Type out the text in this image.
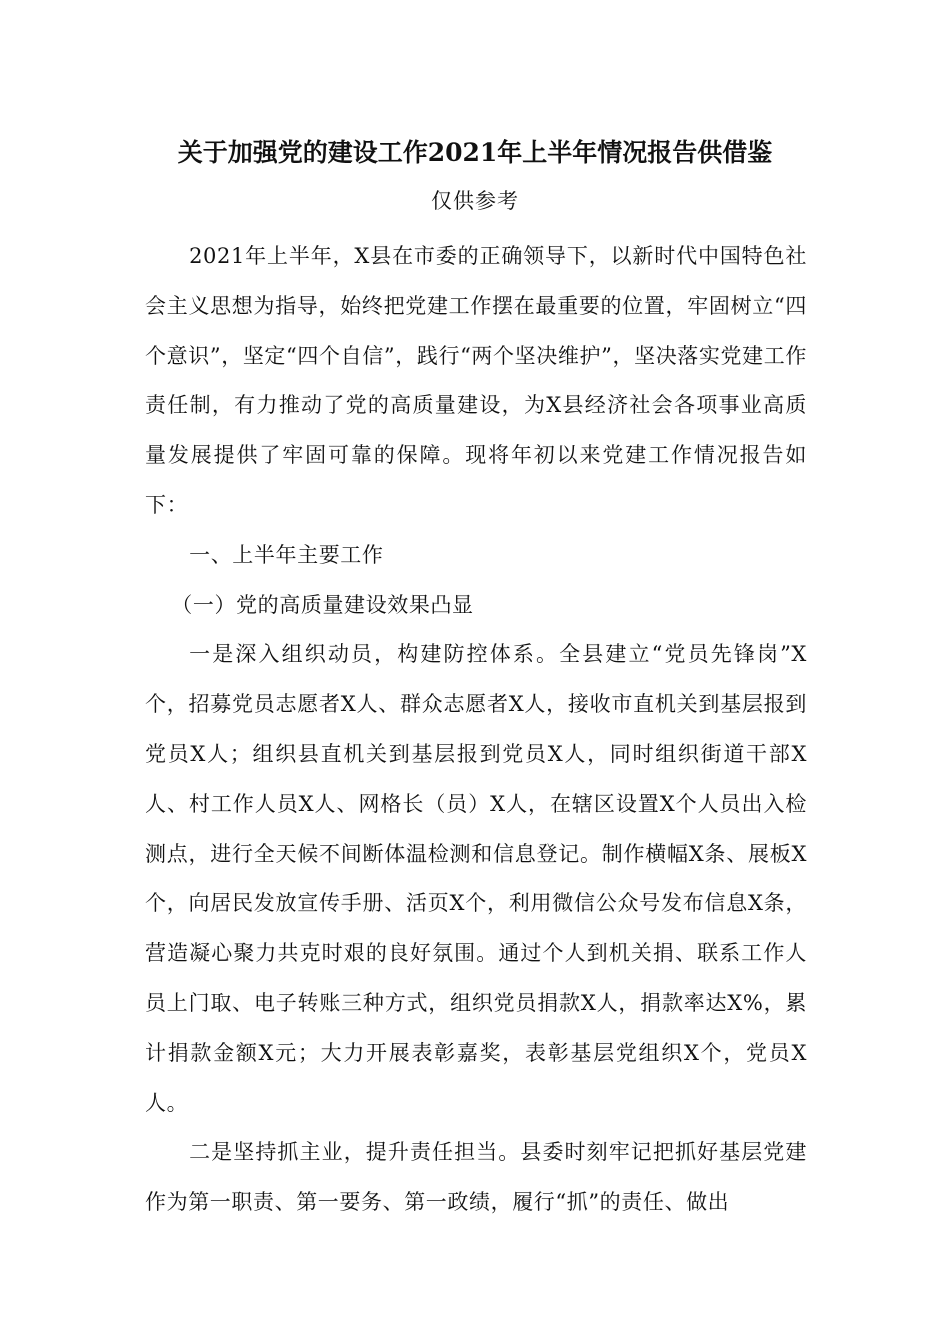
关于加强党的建设工作2021年上半年情况报告供借鉴
仅供参考

2021年上半年，X县在市委的正确领导下，以新时代中国特色社会主义思想为指导，始终把党建工作摆在最重要的位置，牢固树立“四个意识”，坚定“四个自信”，践行“两个坚决维护”，坚决落实党建工作责任制，有力推动了党的高质量建设，为X县经济社会各项事业高质量发展提供了牢固可靠的保障。现将年初以来党建工作情况报告如下：

一、上半年主要工作

（一）党的高质量建设效果凸显

一是深入组织动员，构建防控体系。全县建立“党员先锋岗”X个，招募党员志愿者X人、群众志愿者X人，接收市直机关到基层报到党员X人；组织县直机关到基层报到党员X人，同时组织街道干部X人、村工作人员X人、网格长（员）X人，在辖区设置X个人员出入检测点，进行全天候不间断体温检测和信息登记。制作横幅X条、展板X个，向居民发放宣传手册、活页X个，利用微信公众号发布信息X条，营造凝心聚力共克时艰的良好氛围。通过个人到机关捐、联系工作人员上门取、电子转账三种方式，组织党员捐款X人，捐款率达X%，累计捐款金额X元；大力开展表彰嘉奖，表彰基层党组织X个，党员X人。

二是坚持抓主业，提升责任担当。县委时刻牢记把抓好基层党建作为第一职责、第一要务、第一政绩，履行“抓”的责任、做出
